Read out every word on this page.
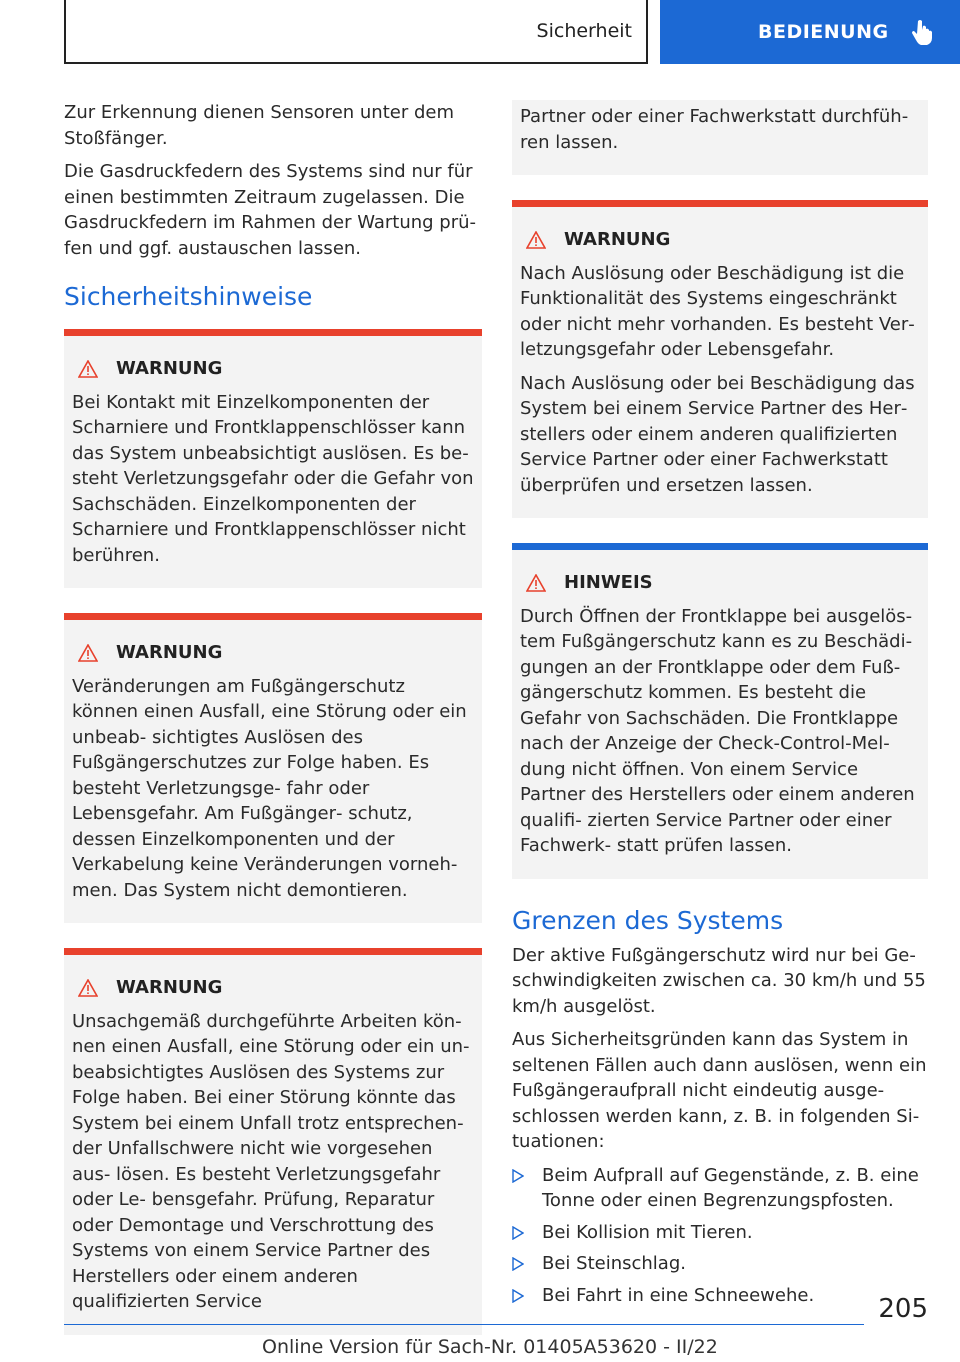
Sicherheit	BEDIENUNG

Zur Erkennung dienen Sensoren unter dem Stoßfänger.

Die Gasdruckfedern des Systems sind nur für einen bestimmten Zeitraum zugelassen. Die Gasdruckfedern im Rahmen der Wartung prü‐ fen und ggf. austauschen lassen.

Sicherheitshinweise
WARNUNG

Bei Kontakt mit Einzelkomponenten der Scharniere und Frontklappenschlösser kann das System unbeabsichtigt auslösen. Es be‐ steht Verletzungsgefahr oder die Gefahr von Sachschäden. Einzelkomponenten der Scharniere und Frontklappenschlösser nicht berühren.

WARNUNG

Veränderungen am Fußgängerschutz können einen Ausfall, eine Störung oder ein unbeab‐ sichtigtes Auslösen des Fußgängerschutzes zur Folge haben. Es besteht Verletzungsge‐ fahr oder Lebensgefahr. Am Fußgänger‐ schutz, dessen Einzelkomponenten und der Verkabelung keine Veränderungen vorneh‐ men. Das System nicht demontieren.

WARNUNG

Unsachgemäß durchgeführte Arbeiten kön‐ nen einen Ausfall, eine Störung oder ein un‐ beabsichtigtes Auslösen des Systems zur Folge haben. Bei einer Störung könnte das System bei einem Unfall trotz entsprechen‐ der Unfallschwere nicht wie vorgesehen aus‐ lösen. Es besteht Verletzungsgefahr oder Le‐ bensgefahr. Prüfung, Reparatur oder Demontage und Verschrottung des Systems von einem Service Partner des Herstellers oder einem anderen qualifizierten Service

Partner oder einer Fachwerkstatt durchfüh‐ ren lassen.

WARNUNG

Nach Auslösung oder Beschädigung ist die Funktionalität des Systems eingeschränkt oder nicht mehr vorhanden. Es besteht Ver‐ letzungsgefahr oder Lebensgefahr.

Nach Auslösung oder bei Beschädigung das System bei einem Service Partner des Her‐ stellers oder einem anderen qualifizierten Service Partner oder einer Fachwerkstatt überprüfen und ersetzen lassen.

HINWEIS

Durch Öffnen der Frontklappe bei ausgelös‐ tem Fußgängerschutz kann es zu Beschädi‐ gungen an der Frontklappe oder dem Fuß‐ gängerschutz kommen. Es besteht die Gefahr von Sachschäden. Die Frontklappe nach der Anzeige der Check-Control-Mel‐ dung nicht öffnen. Von einem Service Partner des Herstellers oder einem anderen qualifi‐ zierten Service Partner oder einer Fachwerk‐ statt prüfen lassen.

Grenzen des Systems

Der aktive Fußgängerschutz wird nur bei Ge‐ schwindigkeiten zwischen ca. 30 km/h und 55 km/h ausgelöst.

Aus Sicherheitsgründen kann das System in seltenen Fällen auch dann auslösen, wenn ein Fußgängeraufprall nicht eindeutig ausge‐ schlossen werden kann, z. B. in folgenden Si‐ tuationen:

Beim Aufprall auf Gegenstände, z. B. eine Tonne oder einen Begrenzungspfosten.
Bei Kollision mit Tieren.
Bei Steinschlag.
Bei Fahrt in eine Schneewehe.	205
Online Version für Sach-Nr. 01405A53620 - II/22
